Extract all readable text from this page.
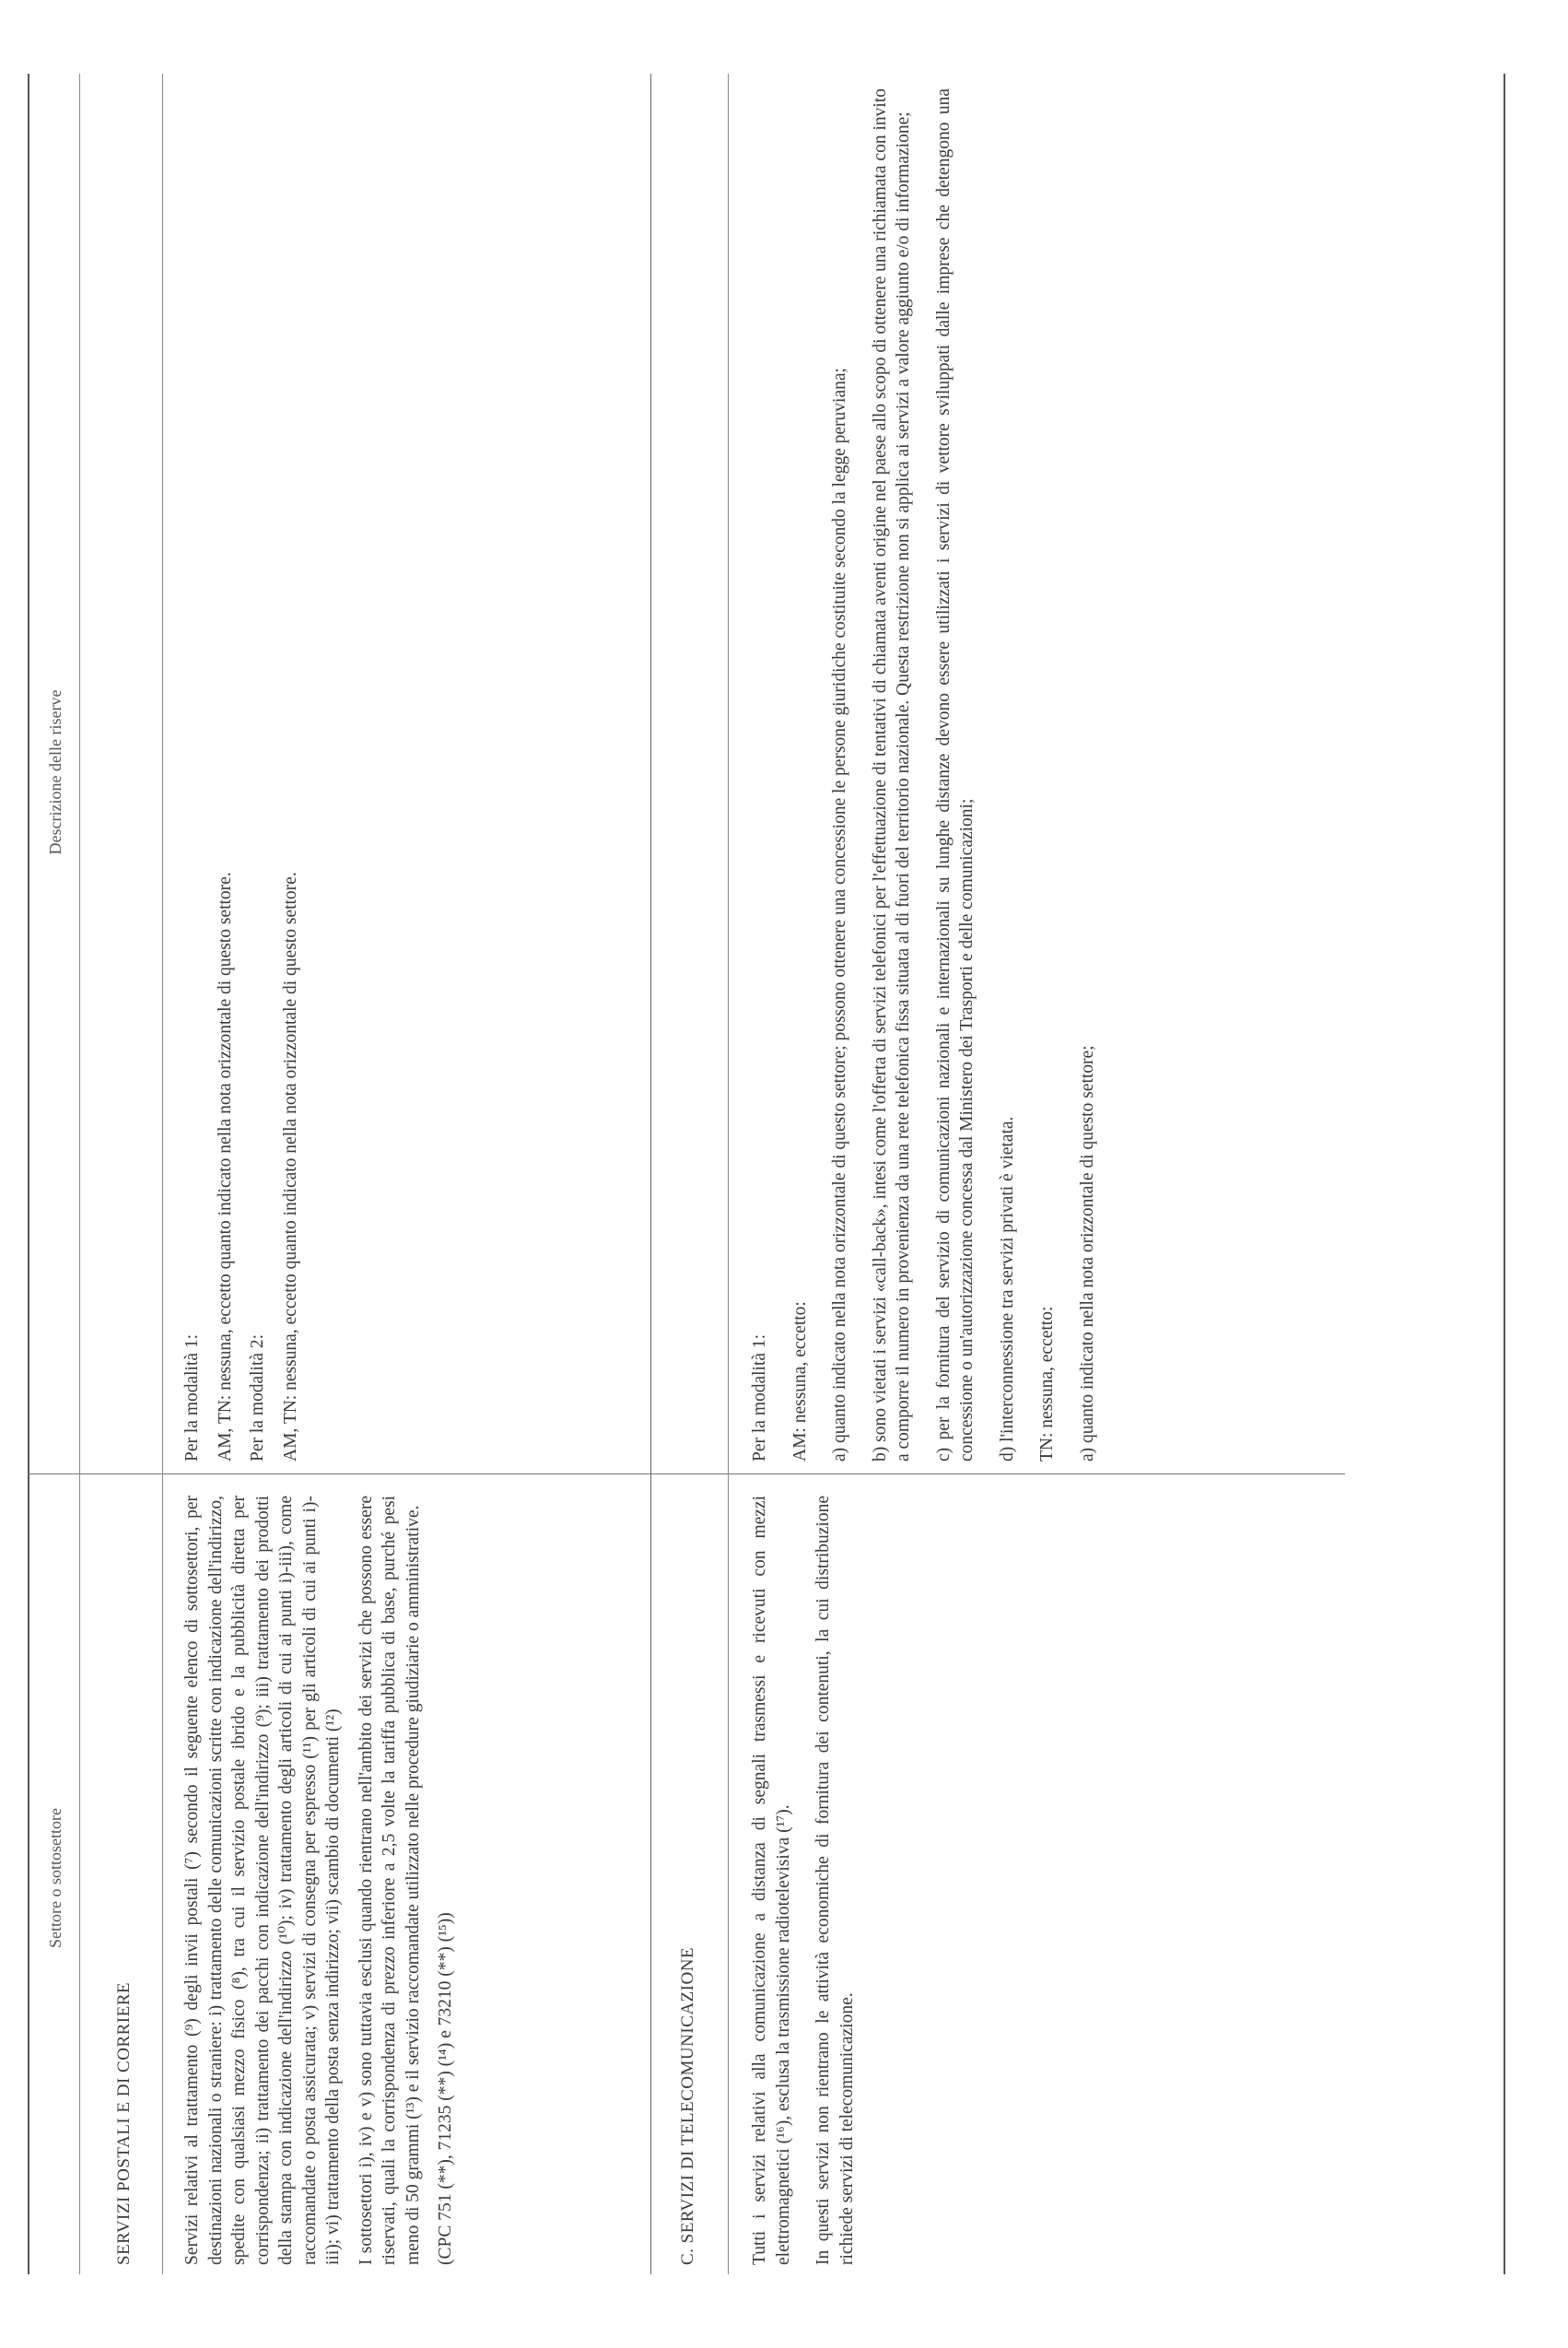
Settore o sottosettore
Descrizione delle riserve
SERVIZI POSTALI E DI CORRIERE	Servizi relativi al trattamento (⁹) degli invii postali (⁷) secondo il seguente elenco di sottosettori, per destinazioni nazionali o straniere: i) trattamento delle comunicazioni scritte con indicazione dell'indirizzo, spedite con qualsiasi mezzo fisico (⁸), tra cui il servizio postale ibrido e la pubblicità diretta per corrispondenza; ii) trattamento dei pacchi con indicazione dell'indirizzo (⁹); iii) trattamento dei prodotti della stampa con indicazione dell'indirizzo (¹⁰); iv) trattamento degli articoli di cui ai punti i)-iii), come raccomandate o posta assicurata; v) servizi di consegna per espresso (¹¹) per gli articoli di cui ai punti i)-iii); vi) trattamento della posta senza indirizzo; vii) scambio di documenti (¹²) I sottosettori i), iv) e v) sono tuttavia esclusi quando rientrano nell'ambito dei servizi che possono essere riservati, quali la corrispondenza di prezzo inferiore a 2,5 volte la tariffa pubblica di base, purché pesi meno di 50 grammi (¹³) e il servizio raccomandate utilizzato nelle procedure giudiziarie o amministrative. (CPC 751 (**), 71235 (**) (¹⁴) e 73210 (**) (¹⁵))

Per la modalità 1: AM, TN: nessuna, eccetto quanto indicato nella nota orizzontale di questo settore. Per la modalità 2: AM, TN: nessuna, eccetto quanto indicato nella nota orizzontale di questo settore.

C. SERVIZI DI TELECOMUNICAZIONE	Tutti i servizi relativi alla comunicazione a distanza di segnali trasmessi e ricevuti con mezzi elettromagnetici (¹⁶), esclusa la trasmissione radiotelevisiva (¹⁷). In questi servizi non rientrano le attività economiche di fornitura dei contenuti, la cui distribuzione richiede servizi di telecomunicazione.

Per la modalità 1: AM: nessuna, eccetto: a) quanto indicato nella nota orizzontale di questo settore; possono ottenere una concessione le persone giuridiche costituite secondo la legge peruviana; b) sono vietati i servizi «call-back», intesi come l'offerta di servizi telefonici per l'effettuazione di tentativi di chiamata aventi origine nel paese allo scopo di ottenere una richiamata con invito a comporre il numero in provenienza da una rete telefonica fissa situata al di fuori del territorio nazionale. Questa restrizione non si applica ai servizi a valore aggiunto e/o di informazione; c) per la fornitura del servizio di comunicazioni nazionali e internazionali su lunghe distanze devono essere utilizzati i servizi di vettore sviluppati dalle imprese che detengono una concessione o un'autorizzazione concessa dal Ministero dei Trasporti e delle comunicazioni; d) l'interconnessione tra servizi privati è vietata. TN: nessuna, eccetto: a) quanto indicato nella nota orizzontale di questo settore;
